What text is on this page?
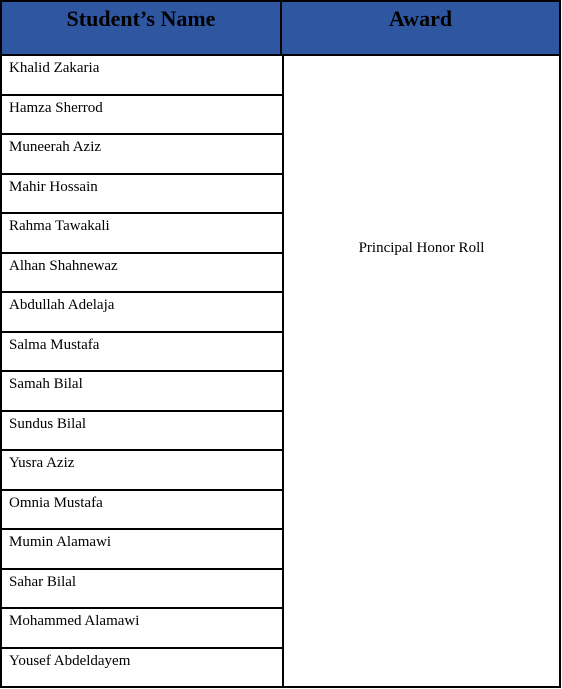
Student’s Name	Award
Khalid Zakaria
Hamza Sherrod
Muneerah Aziz
Mahir Hossain
Rahma Tawakali
Alhan Shahnewaz
Abdullah Adelaja
Salma Mustafa
Samah Bilal
Sundus Bilal
Yusra Aziz
Omnia Mustafa
Mumin Alamawi
Sahar Bilal
Mohammed Alamawi
Yousef Abdeldayem
Principal Honor Roll
